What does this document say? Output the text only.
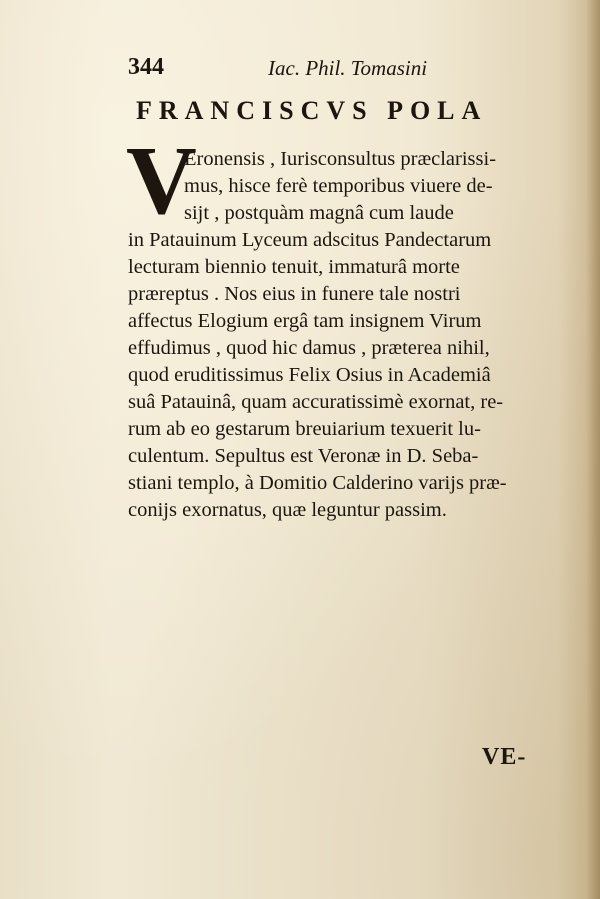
344	Iac. Phil. Tomasini
FRANCISCVS POLA
V
Eronensis , Iurisconsultus præclarissi-
mus, hisce ferè temporibus viuere de-
sijt , postquàm magnâ cum laude
in Patauinum Lyceum adscitus Pandectarum
lecturam biennio tenuit, immaturâ morte
præreptus . Nos eius in funere tale nostri
affectus Elogium ergâ tam insignem Virum
effudimus , quod hic damus , præterea nihil,
quod eruditissimus Felix Osius in Academiâ
suâ Patauinâ, quam accuratissimè exornat, re-
rum ab eo gestarum breuiarium texuerit lu-
culentum. Sepultus est Veronæ in D. Seba-
stiani templo, à Domitio Calderino varijs præ-
conijs exornatus, quæ leguntur passim.
VE-
